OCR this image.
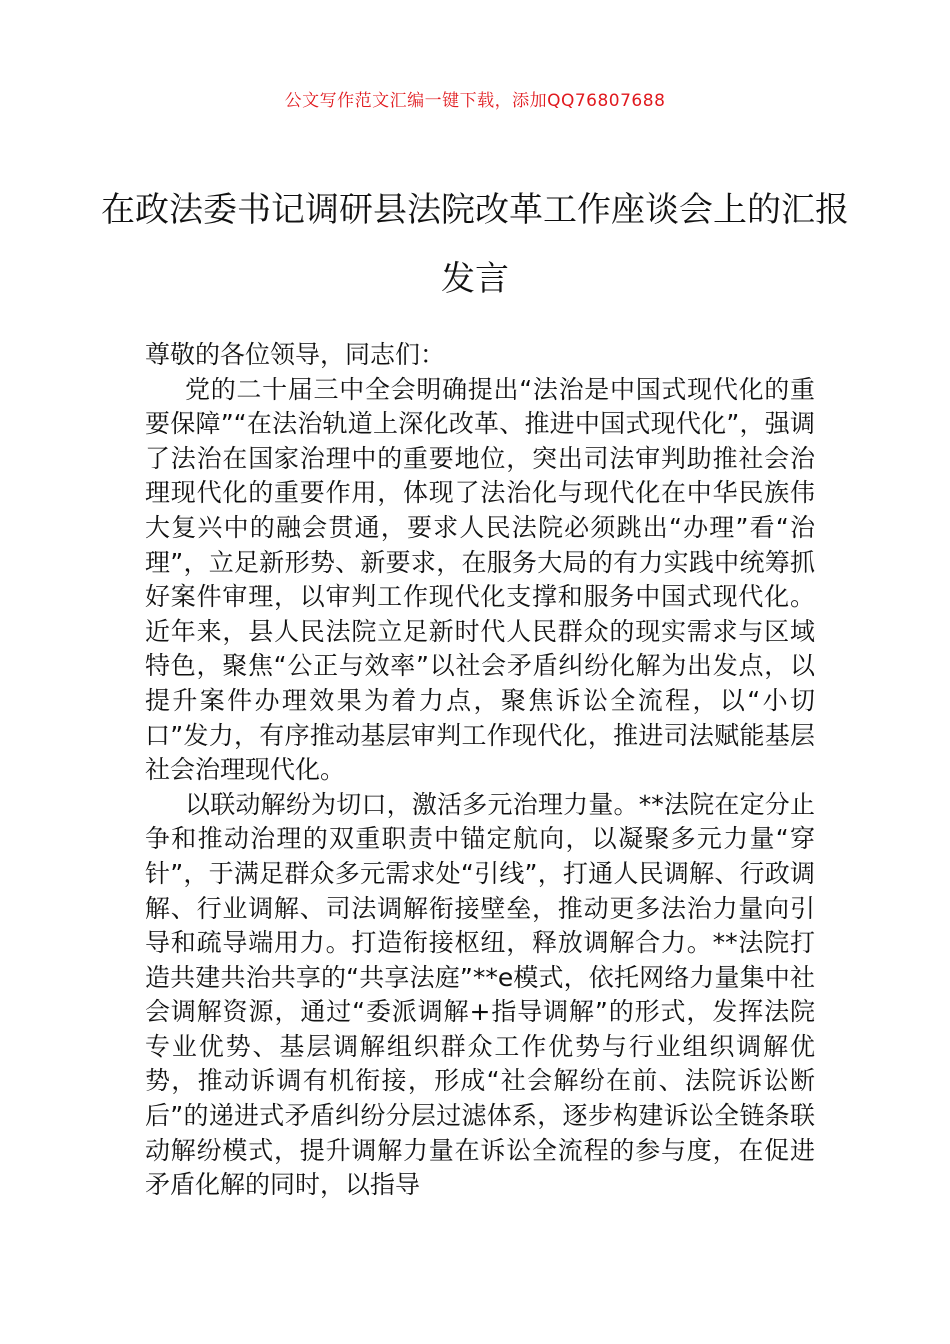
公文写作范文汇编一键下载，添加QQ76807688
在政法委书记调研县法院改革工作座谈会上的汇报发言

尊敬的各位领导，同志们：

党的二十届三中全会明确提出“法治是中国式现代化的重要保障”“在法治轨道上深化改革、推进中国式现代化”，强调了法治在国家治理中的重要地位，突出司法审判助推社会治理现代化的重要作用，体现了法治化与现代化在中华民族伟大复兴中的融会贯通，要求人民法院必须跳出“办理”看“治理”，立足新形势、新要求，在服务大局的有力实践中统筹抓好案件审理，以审判工作现代化支撑和服务中国式现代化。近年来，县人民法院立足新时代人民群众的现实需求与区域特色，聚焦“公正与效率”以社会矛盾纠纷化解为出发点，以提升案件办理效果为着力点，聚焦诉讼全流程，以“小切口”发力，有序推动基层审判工作现代化，推进司法赋能基层社会治理现代化。

以联动解纷为切口，激活多元治理力量。**法院在定分止争和推动治理的双重职责中锚定航向，以凝聚多元力量“穿针”，于满足群众多元需求处“引线”，打通人民调解、行政调解、行业调解、司法调解衔接壁垒，推动更多法治力量向引导和疏导端用力。打造衔接枢纽，释放调解合力。**法院打造共建共治共享的“共享法庭”**e模式，依托网络力量集中社会调解资源，通过“委派调解+指导调解”的形式，发挥法院专业优势、基层调解组织群众工作优势与行业组织调解优势，推动诉调有机衔接，形成“社会解纷在前、法院诉讼断后”的递进式矛盾纠纷分层过滤体系，逐步构建诉讼全链条联动解纷模式，提升调解力量在诉讼全流程的参与度，在促进矛盾化解的同时，以指导
